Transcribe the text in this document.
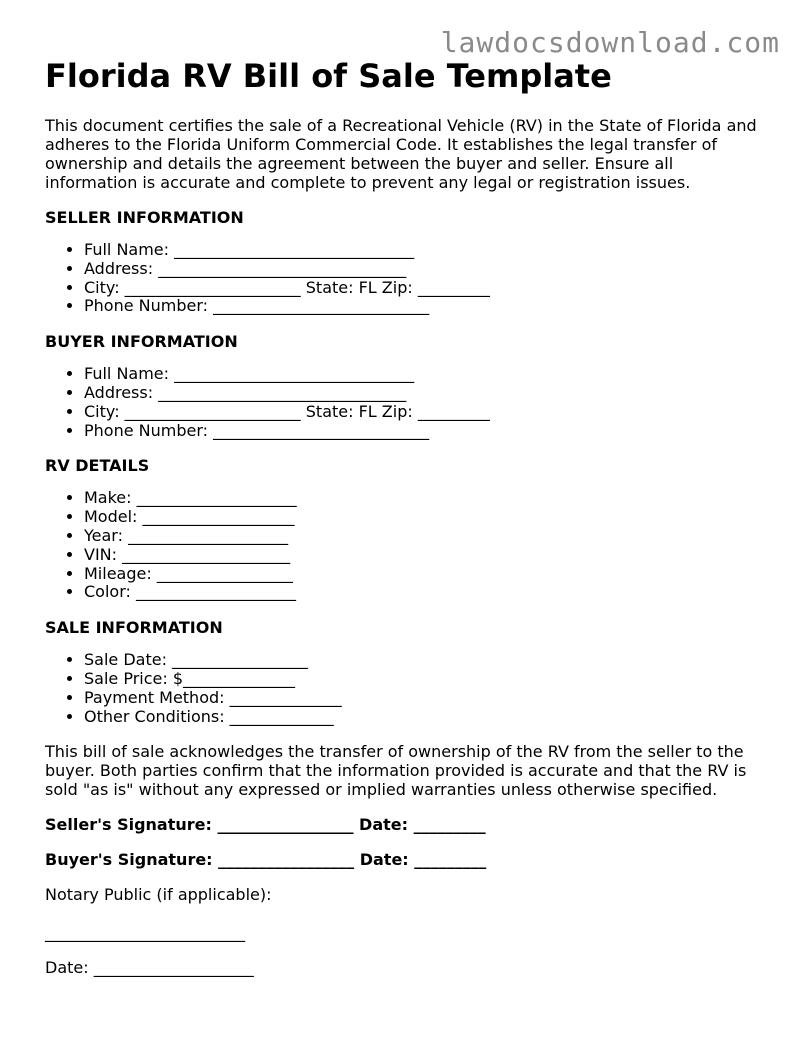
lawdocsdownload.com
Florida RV Bill of Sale Template

This document certifies the sale of a Recreational Vehicle (RV) in the State of Florida and adheres to the Florida Uniform Commercial Code. It establishes the legal transfer of ownership and details the agreement between the buyer and seller. Ensure all information is accurate and complete to prevent any legal or registration issues.

SELLER INFORMATION
• Full Name: ______________________________
• Address: _______________________________
• City: ______________________ State: FL Zip: _________
• Phone Number: ___________________________
BUYER INFORMATION
• Full Name: ______________________________
• Address: _______________________________
• City: ______________________ State: FL Zip: _________
• Phone Number: ___________________________
RV DETAILS
• Make: ____________________
• Model: ___________________
• Year: ____________________
• VIN: _____________________
• Mileage: _________________
• Color: ____________________
SALE INFORMATION
• Sale Date: _________________
• Sale Price: $______________
• Payment Method: ______________
• Other Conditions: _____________

This bill of sale acknowledges the transfer of ownership of the RV from the seller to the buyer. Both parties confirm that the information provided is accurate and that the RV is sold "as is" without any expressed or implied warranties unless otherwise specified.

Seller's Signature: _________________ Date: _________
Buyer's Signature: _________________ Date: _________
Notary Public (if applicable):
_________________________
Date: ____________________
